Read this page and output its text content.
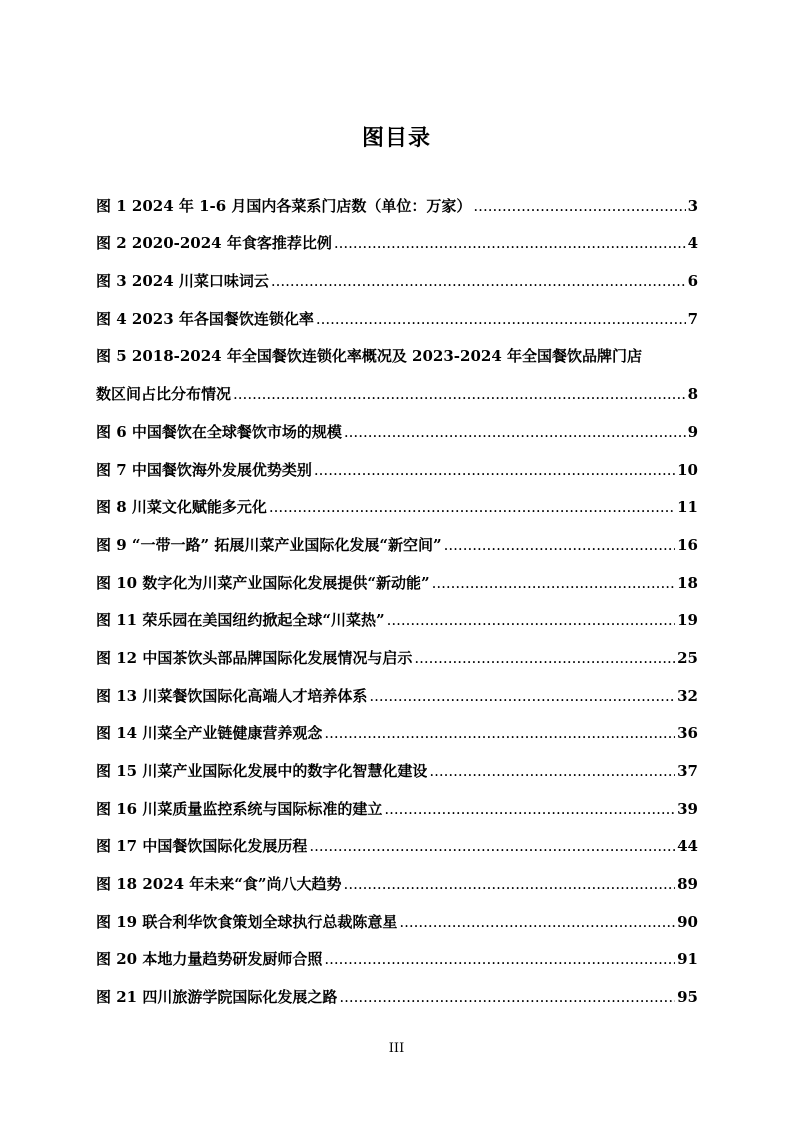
图目录
图 1 2024 年 1-6 月国内各菜系门店数（单位：万家） .....	3
图 2 2020-2024 年食客推荐比例 .....	4
图 3 2024 川菜口味词云 .....	6
图 4 2023 年各国餐饮连锁化率 .....	7
图 5 2018-2024 年全国餐饮连锁化率概况及 2023-2024 年全国餐饮品牌门店
数区间占比分布情况 .....	8
图 6 中国餐饮在全球餐饮市场的规模 .....	9
图 7 中国餐饮海外发展优势类别 .....	10
图 8 川菜文化赋能多元化 .....	11
图 9 “一带一路” 拓展川菜产业国际化发展“新空间” .....	16
图 10 数字化为川菜产业国际化发展提供“新动能” .....	18
图 11 荣乐园在美国纽约掀起全球“川菜热” .....	19
图 12 中国茶饮头部品牌国际化发展情况与启示 .....	25
图 13 川菜餐饮国际化高端人才培养体系 .....	32
图 14 川菜全产业链健康营养观念 .....	36
图 15 川菜产业国际化发展中的数字化智慧化建设 .....	37
图 16 川菜质量监控系统与国际标准的建立 .....	39
图 17 中国餐饮国际化发展历程 .....	44
图 18 2024 年未来“食”尚八大趋势 .....	89
图 19 联合利华饮食策划全球执行总裁陈意星 .....	90
图 20 本地力量趋势研发厨师合照 .....	91
图 21 四川旅游学院国际化发展之路 .....	95
III
